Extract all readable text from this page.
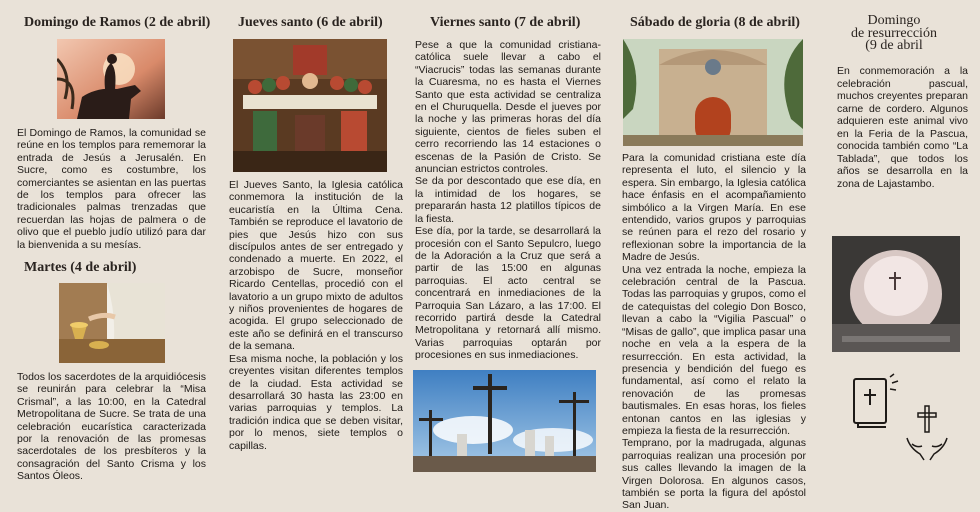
Domingo de Ramos (2 de abril)

El Domingo de Ramos, la comunidad se reúne en los templos para rememorar la entrada de Jesús a Jerusalén. En Sucre, como es costumbre, los comerciantes se asientan en las puertas de los templos para ofrecer las tradicionales palmas trenzadas que recuerdan las hojas de palmera o de olivo que el pueblo judío utilizó para dar la bienvenida a su mesías.

Martes (4 de abril)

Todos los sacerdotes de la arquidiócesis se reunirán para celebrar la “Misa Crismal”, a las 10:00, en la Catedral Metropolitana de Sucre. Se trata de una celebración eucarística caracterizada por la renovación de las promesas sacerdotales de los presbíteros y la consagración del Santo Crisma y los Santos Óleos.

Jueves santo (6 de abril)

El Jueves Santo, la Iglesia católica conmemora la institución de la eucaristía en la Última Cena. También se reproduce el lavatorio de pies que Jesús hizo con sus discípulos antes de ser entregado y condenado a muerte. En 2022, el arzobispo de Sucre, monseñor Ricardo Centellas, procedió con el lavatorio a un grupo mixto de adultos y niños provenientes de hogares de acogida. El grupo seleccionado de este año se definirá en el transcurso de la semana.
Esa misma noche, la población y los creyentes visitan diferentes templos de la ciudad. Esta actividad se desarrollará 30 hasta las 23:00 en varias parroquias y templos. La tradición indica que se deben visitar, por lo menos, siete templos o capillas.

Viernes santo (7 de abril)

Pese a que la comunidad cristiana-católica suele llevar a cabo el “Viacrucis” todas las semanas durante la Cuaresma, no es hasta el Viernes Santo que esta actividad se centraliza en el Churuquella. Desde el jueves por la noche y las primeras horas del día siguiente, cientos de fieles suben el cerro recorriendo las 14 estaciones o escenas de la Pasión de Cristo. Se anuncian estrictos controles.
Se da por descontado que ese día, en la intimidad de los hogares, se prepararán hasta 12 platillos típicos de la fiesta.
Ese día, por la tarde, se desarrollará la procesión con el Santo Sepulcro, luego de la Adoración a la Cruz que será a partir de las 15:00 en algunas parroquias. El acto central se concentrará en inmediaciones de la Parroquia San Lázaro, a las 17:00. El recorrido partirá desde la Catedral Metropolitana y retornará allí mismo. Varias parroquias optarán por procesiones en sus inmediaciones.

Sábado de gloria (8 de abril)

Para la comunidad cristiana este día representa el luto, el silencio y la espera. Sin embargo, la Iglesia católica hace énfasis en el acompañamiento simbólico a la Virgen María. En ese entendido, varios grupos y parroquias se reúnen para el rezo del rosario y reflexionan sobre la importancia de la Madre de Jesús.
Una vez entrada la noche, empieza la celebración central de la Pascua. Todas las parroquias y grupos, como el de catequistas del colegio Don Bosco, llevan a cabo la “Vigilia Pascual” o “Misas de gallo”, que implica pasar una noche en vela a la espera de la resurrección. En esta actividad, la presencia y bendición del fuego es fundamental, así como el relato la renovación de las promesas bautismales. En esas horas, los fieles entonan cantos en las iglesias y empieza la fiesta de la resurrección.
Temprano, por la madrugada, algunas parroquias realizan una procesión por sus calles llevando la imagen de la Virgen Dolorosa. En algunos casos, también se porta la figura del apóstol San Juan.

Domingo
de resurrección
(9 de abril

En conmemoración a la celebración pascual, muchos creyentes preparan carne de cordero. Algunos adquieren este animal vivo en la Feria de la Pascua, conocida también como “La Tablada”, que todos los años se desarrolla en la zona de Lajastambo.
